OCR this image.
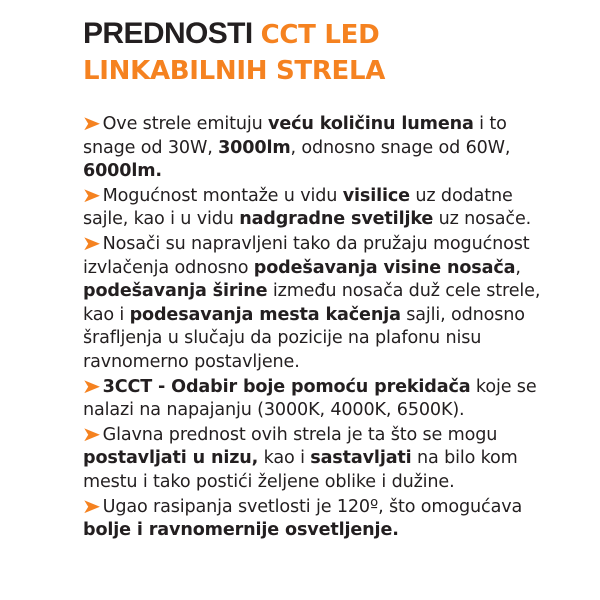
PREDNOSTI CCT LED
LINKABILNIH STRELA

➤Ove strele emituju veću količinu lumena i to snage od 30W, 3000lm, odnosno snage od 60W, 6000lm.

➤Mogućnost montaže u vidu visilice uz dodatne sajle, kao i u vidu nadgradne svetiljke uz nosače.

➤Nosači su napravljeni tako da pružaju mogućnost izvlačenja odnosno podešavanja visine nosača, podešavanja širine između nosača duž cele strele, kao i podesavanja mesta kačenja sajli, odnosno šrafljenja u slučaju da pozicije na plafonu nisu ravnomerno postavljene.

➤3CCT - Odabir boje pomoću prekidača koje se nalazi na napajanju (3000K, 4000K, 6500K).

➤Glavna prednost ovih strela je ta što se mogu postavljati u nizu, kao i sastavljati na bilo kom mestu i tako postići željene oblike i dužine.

➤Ugao rasipanja svetlosti je 120º, što omogućava bolje i ravnomernije osvetljenje.
